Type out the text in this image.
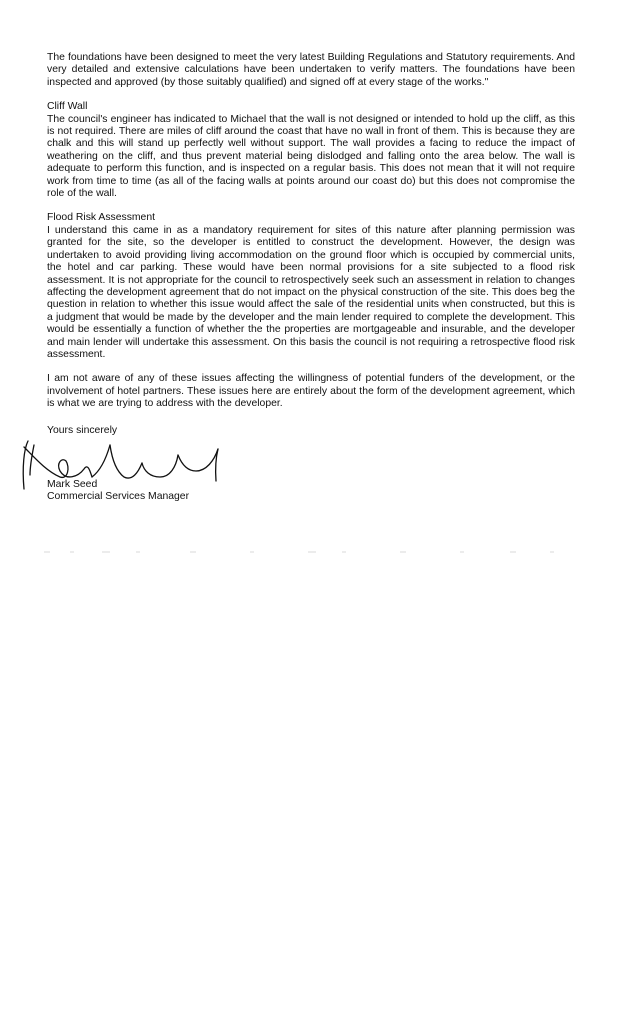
The foundations have been designed to meet the very latest Building Regulations and Statutory requirements. And very detailed and extensive calculations have been undertaken to verify matters. The foundations have been inspected and approved (by those suitably qualified) and signed off at every stage of the works."

Cliff Wall

The council's engineer has indicated to Michael that the wall is not designed or intended to hold up the cliff, as this is not required. There are miles of cliff around the coast that have no wall in front of them. This is because they are chalk and this will stand up perfectly well without support. The wall provides a facing to reduce the impact of weathering on the cliff, and thus prevent material being dislodged and falling onto the area below. The wall is adequate to perform this function, and is inspected on a regular basis. This does not mean that it will not require work from time to time (as all of the facing walls at points around our coast do) but this does not compromise the role of the wall.

Flood Risk Assessment

I understand this came in as a mandatory requirement for sites of this nature after planning permission was granted for the site, so the developer is entitled to construct the development. However, the design was undertaken to avoid providing living accommodation on the ground floor which is occupied by commercial units, the hotel and car parking. These would have been normal provisions for a site subjected to a flood risk assessment. It is not appropriate for the council to retrospectively seek such an assessment in relation to changes affecting the development agreement that do not impact on the physical construction of the site. This does beg the question in relation to whether this issue would affect the sale of the residential units when constructed, but this is a judgment that would be made by the developer and the main lender required to complete the development. This would be essentially a function of whether the the properties are mortgageable and insurable, and the developer and main lender will undertake this assessment. On this basis the council is not requiring a retrospective flood risk assessment.

I am not aware of any of these issues affecting the willingness of potential funders of the development, or the involvement of hotel partners. These issues here are entirely about the form of the development agreement, which is what we are trying to address with the developer.

Yours sincerely
Mark Seed
Commercial Services Manager
